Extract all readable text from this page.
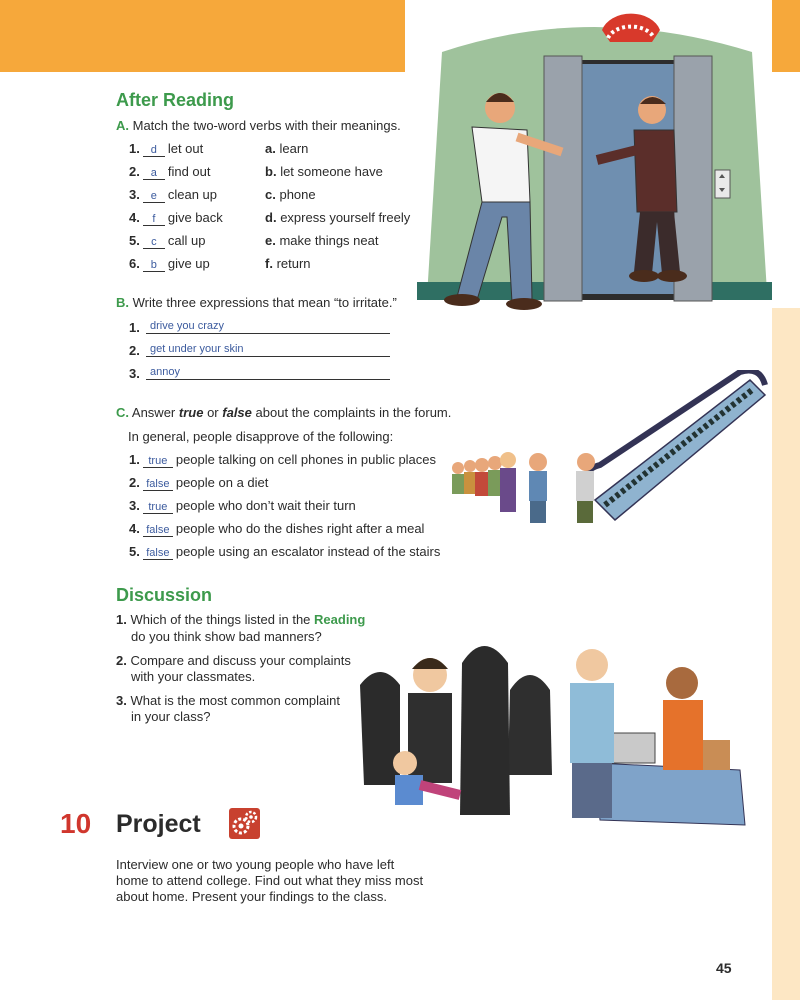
After Reading
A. Match the two-word verbs with their meanings.
1. d let out	a. learn
2. a find out	b. let someone have
3. e clean up	c. phone
4. f give back	d. express yourself freely
5. c call up	e. make things neat
6. b give up	f. return
B. Write three expressions that mean “to irritate.”
1. drive you crazy
2. get under your skin
3. annoy
C. Answer true or false about the complaints in the forum.
In general, people disapprove of the following:
1. true people talking on cell phones in public places
2. false people on a diet
3. true people who don’t wait their turn
4. false people who do the dishes right after a meal
5. false people using an escalator instead of the stairs
Discussion
1. Which of the things listed in the Reading
do you think show bad manners?
2. Compare and discuss your complaints
with your classmates.
3. What is the most common complaint
in your class?
10 Project
Interview one or two young people who have left
home to attend college. Find out what they miss most
about home. Present your findings to the class.
45
